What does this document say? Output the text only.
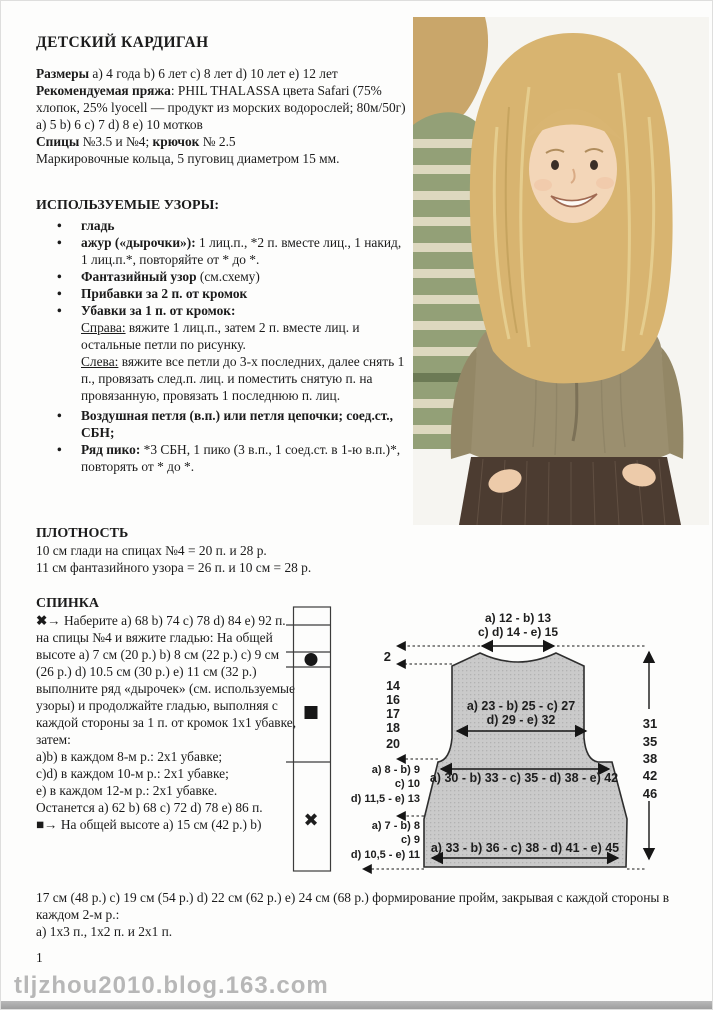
ДЕТСКИЙ КАРДИГАН
Размеры a) 4 года b) 6 лет c) 8 лет d) 10 лет e) 12 лет
Рекомендуемая пряжа: PHIL THALASSA цвета Safari (75% хлопок, 25% lyocell — продукт из морских водорослей; 80м/50г) a) 5 b) 6 c) 7 d) 8 e) 10 мотков
Спицы №3.5 и №4; крючок № 2.5
Маркировочные кольца, 5 пуговиц диаметром 15 мм.
ИСПОЛЬЗУЕМЫЕ УЗОРЫ:
•	гладь
•	ажур («дырочки»): 1 лиц.п., *2 п. вместе лиц., 1 накид, 1 лиц.п.*, повторяйте от * до *.
•	Фантазийный узор (см.схему)
•	Прибавки за 2 п. от кромок
•	Убавки за 1 п. от кромок:
Справа: вяжите 1 лиц.п., затем 2 п. вместе лиц. и остальные петли по рисунку.
Слева: вяжите все петли до 3-х последних, далее снять 1 п., провязать след.п. лиц. и поместить снятую п. на провязанную, провязать 1 последнюю п. лиц.
•	Воздушная петля (в.п.) или петля цепочки; соед.ст., СБН;
•	Ряд пико: *3 СБН, 1 пико (3 в.п., 1 соед.ст. в 1-ю в.п.)*, повторять от * до *.
ПЛОТНОСТЬ
10 см глади на спицах №4 = 20 п. и 28 р.
11 см фантазийного узора = 26 п. и 10 см = 28 р.
СПИНКА
✖→ Наберите a) 68 b) 74 c) 78 d) 84 e) 92 п. на спицы №4 и вяжите гладью: На общей высоте a) 7 см (20 р.) b) 8 см (22 р.) c) 9 см (26 р.) d) 10.5 см (30 р.) e) 11 см (32 р.) выполните ряд «дырочек» (см. используемые узоры) и продолжайте гладью, выполняя с каждой стороны за 1 п. от кромок 1x1 убавке, затем:
a)b) в каждом 8-м р.: 2x1 убавке;
c)d) в каждом 10-м р.: 2x1 убавке;
e) в каждом 12-м р.: 2x1 убавке.
Останется a) 62 b) 68 c) 72 d) 78 e) 86 п.
■→ На общей высоте a) 15 см (42 р.) b)
17 см (48 р.) c) 19 см (54 р.) d) 22 см (62 р.) e) 24 см (68 р.) формирование пройм, закрывая с каждой стороны в каждом 2-м р.:
a) 1x3 п., 1x2 п. и 2x1 п.
✖
a) 12 - b) 13
c) d) 14 - e) 15
2
14
16
17
18
20
a) 23 - b) 25 - c) 27
d) 29 - e) 32
a) 30 - b) 33 - c) 35 - d) 38 - e) 42
a) 33 - b) 36 - c) 38 - d) 41 - e) 45
31
35
38
42
46
a) 8 - b) 9
c) 10
d) 11,5 - e) 13
a) 7 - b) 8
c) 9
d) 10,5 - e) 11
1
tljzhou2010.blog.163.com
